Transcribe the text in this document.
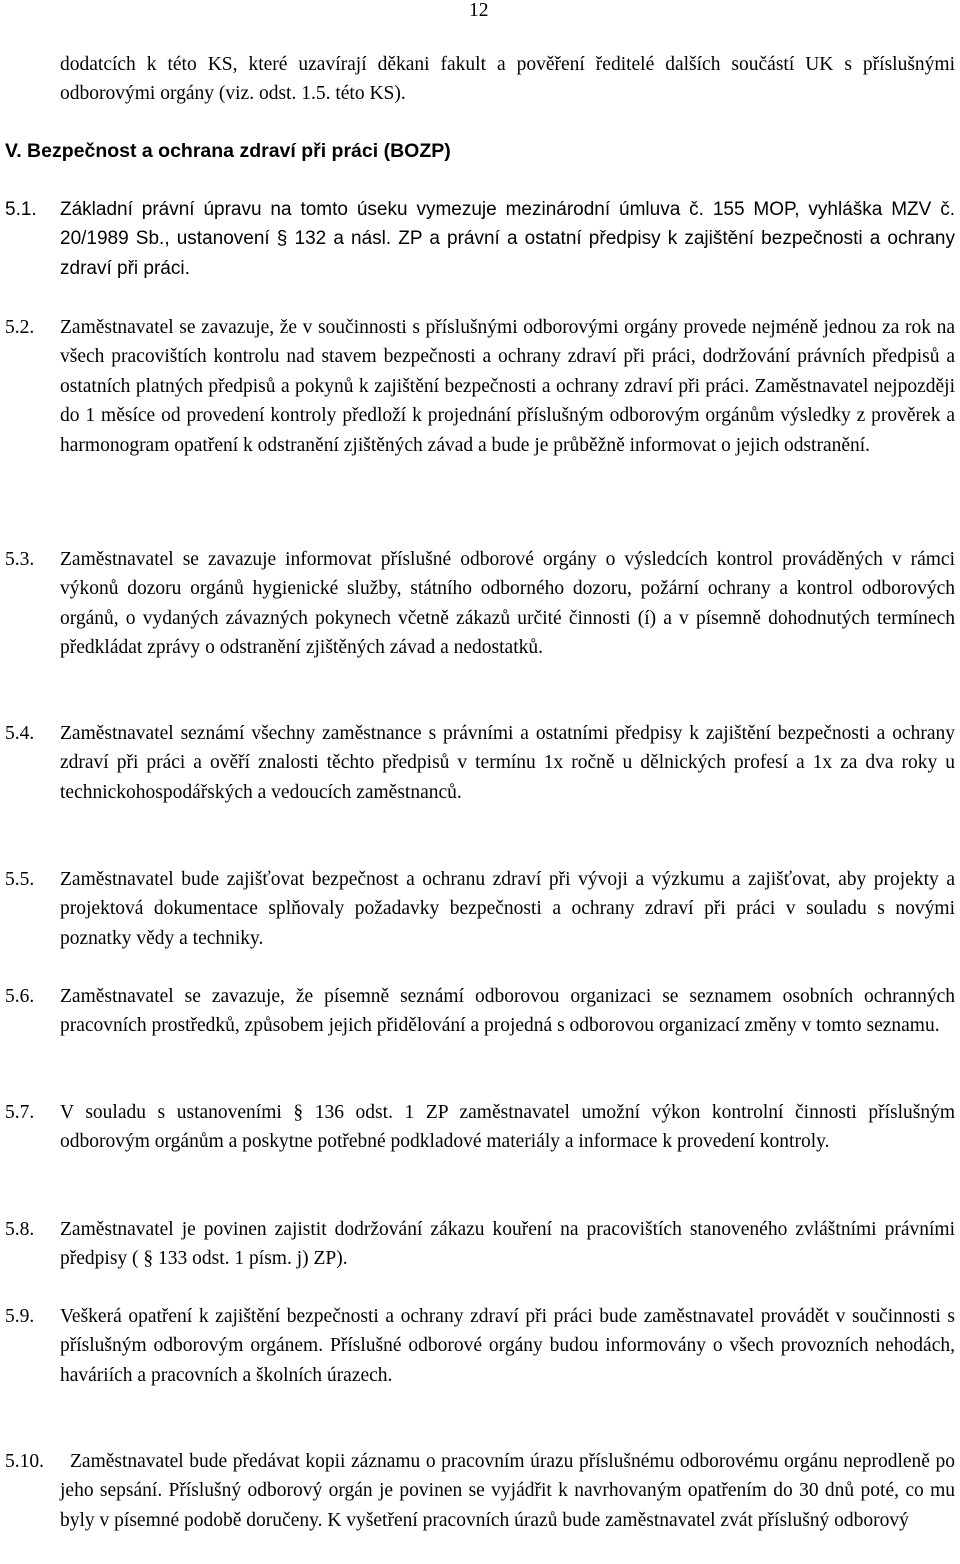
12
dodatcích k této KS, které uzavírají děkani fakult a pověření ředitelé dalších součástí UK s příslušnými odborovými orgány (viz. odst. 1.5. této KS).
V. Bezpečnost a ochrana zdraví při práci (BOZP)
5.1. Základní právní úpravu na tomto úseku vymezuje mezinárodní úmluva č. 155 MOP, vyhláška MZV č. 20/1989 Sb., ustanovení § 132 a násl. ZP a právní a ostatní předpisy k zajištění bezpečnosti a ochrany zdraví při práci.
5.2. Zaměstnavatel se zavazuje, že v součinnosti s příslušnými odborovými orgány provede nejméně jednou za rok na všech pracovištích kontrolu nad stavem bezpečnosti a ochrany zdraví při práci, dodržování právních předpisů a ostatních platných předpisů a pokynů k zajištění bezpečnosti a ochrany zdraví při práci. Zaměstnavatel nejpozději do 1 měsíce od provedení kontroly předloží k projednání příslušným odborovým orgánům výsledky z prověrek a harmonogram opatření k odstranění zjištěných závad a bude je průběžně informovat o jejich odstranění.
5.3. Zaměstnavatel se zavazuje informovat příslušné odborové orgány o výsledcích kontrol prováděných v rámci výkonů dozoru orgánů hygienické služby, státního odborného dozoru, požární ochrany a kontrol odborových orgánů, o vydaných závazných pokynech včetně zákazů určité činnosti (í) a v písemně dohodnutých termínech předkládat zprávy o odstranění zjištěných závad a nedostatků.
5.4. Zaměstnavatel seznámí všechny zaměstnance s právními a ostatními předpisy k zajištění bezpečnosti a ochrany zdraví při práci a ověří znalosti těchto předpisů v termínu 1x ročně u dělnických profesí a 1x za dva roky u technickohospodářských a vedoucích zaměstnanců.
5.5. Zaměstnavatel bude zajišťovat bezpečnost a ochranu zdraví při vývoji a výzkumu a zajišťovat, aby projekty a projektová dokumentace splňovaly požadavky bezpečnosti a ochrany zdraví při práci v souladu s novými poznatky vědy a techniky.
5.6. Zaměstnavatel se zavazuje, že písemně seznámí odborovou organizaci se seznamem osobních ochranných pracovních prostředků, způsobem jejich přidělování a projedná s odborovou organizací změny v tomto seznamu.
5.7. V souladu s ustanoveními § 136 odst. 1 ZP zaměstnavatel umožní výkon kontrolní činnosti příslušným odborovým orgánům a poskytne potřebné podkladové materiály a informace k provedení kontroly.
5.8. Zaměstnavatel je povinen zajistit dodržování zákazu kouření na pracovištích stanoveného zvláštními právními předpisy ( § 133 odst. 1 písm. j) ZP).
5.9. Veškerá opatření k zajištění bezpečnosti a ochrany zdraví při práci bude zaměstnavatel provádět v součinnosti s příslušným odborovým orgánem. Příslušné odborové orgány budou informovány o všech provozních nehodách, haváriích a pracovních a školních úrazech.
5.10.	Zaměstnavatel bude předávat kopii záznamu o pracovním úrazu příslušnému odborovému orgánu neprodleně po jeho sepsání. Příslušný odborový orgán je povinen se vyjádřit k navrhovaným opatřením do 30 dnů poté, co mu byly v písemné podobě doručeny. K vyšetření pracovních úrazů bude zaměstnavatel zvát příslušný odborový
